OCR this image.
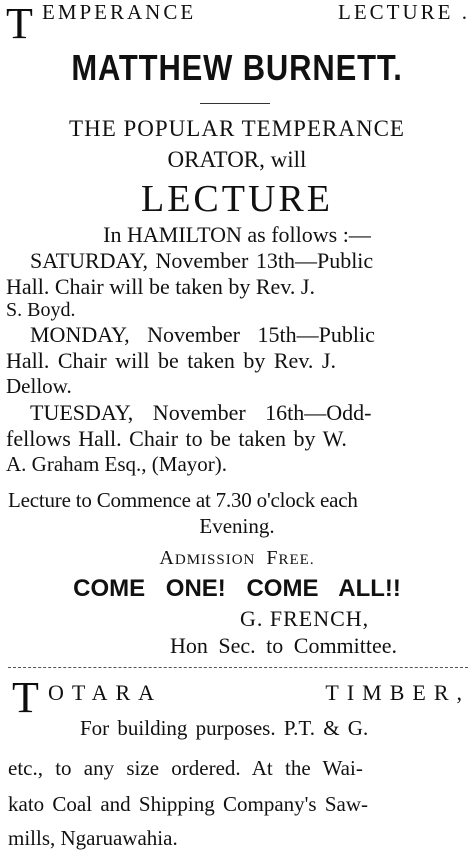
T EMPERANCE	LECTURE .
MATTHEW BURNETT.
THE POPULAR TEMPERANCE
ORATOR, will
LECTURE
In HAMILTON as follows :—
SATURDAY, November 13th—Public
Hall. Chair will be taken by Rev. J.
S. Boyd.
MONDAY, November 15th—Public
Hall. Chair will be taken by Rev. J.
Dellow.
TUESDAY, November 16th—Odd-
fellows Hall. Chair to be taken by W.
A. Graham Esq., (Mayor).
Lecture to Commence at 7.30 o'clock each
Evening.
ADMISSION FREE.
COME ONE! COME ALL!!
G. FRENCH,
Hon Sec. to Committee.
T OTARA	TIMBER,
For building purposes. P.T. & G.
etc., to any size ordered. At the Wai-
kato Coal and Shipping Company's Saw-
mills, Ngaruawahia.
